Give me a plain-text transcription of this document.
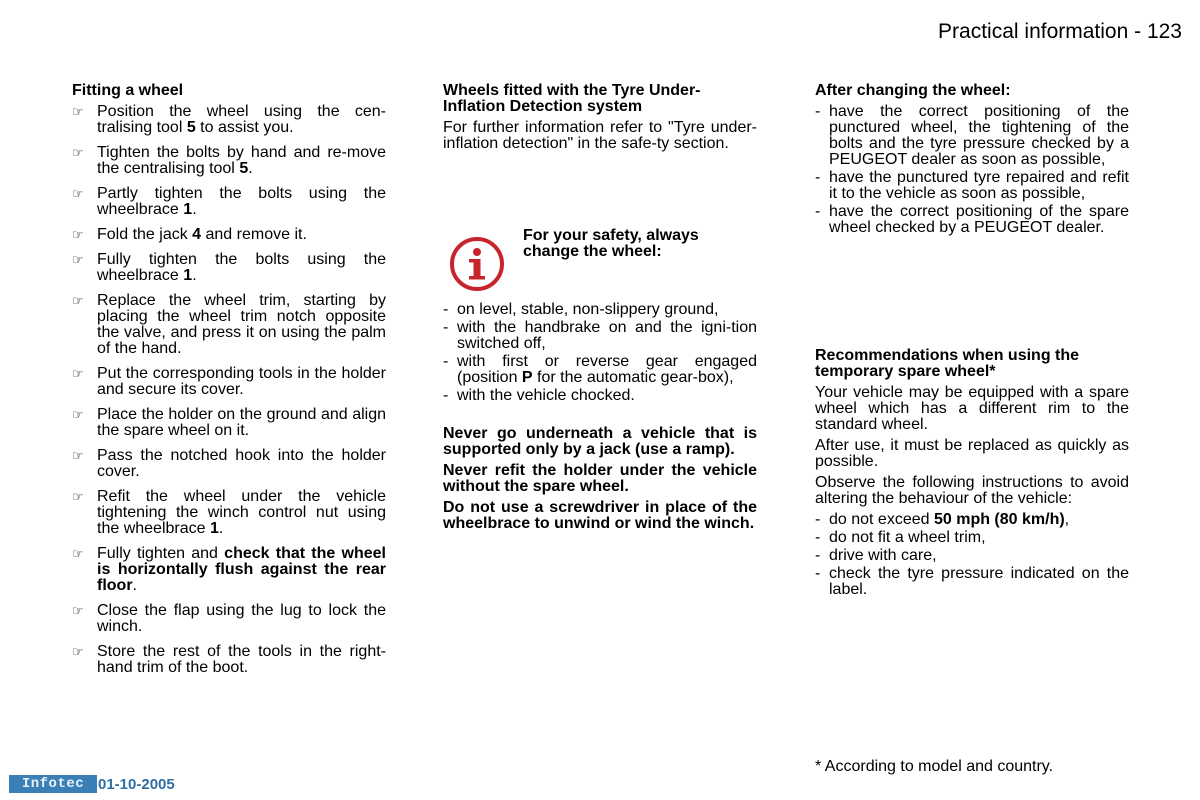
Practical information - 123
Fitting a wheel
☞ Position the wheel using the cen-tralising tool 5 to assist you.
☞ Tighten the bolts by hand and re-move the centralising tool 5.
☞ Partly tighten the bolts using the wheelbrace 1.
☞ Fold the jack 4 and remove it.
☞ Fully tighten the bolts using the wheelbrace 1.
☞ Replace the wheel trim, starting by placing the wheel trim notch opposite the valve, and press it on using the palm of the hand.
☞ Put the corresponding tools in the holder and secure its cover.
☞ Place the holder on the ground and align the spare wheel on it.
☞ Pass the notched hook into the holder cover.
☞ Refit the wheel under the vehicle tightening the winch control nut using the wheelbrace 1.
☞ Fully tighten and check that the wheel is horizontally flush against the rear floor.
☞ Close the flap using the lug to lock the winch.
☞ Store the rest of the tools in the right-hand trim of the boot.
Wheels fitted with the Tyre Under-Inflation Detection system
For further information refer to "Tyre under-inflation detection" in the safe-ty section.
For your safety, always change the wheel:
- on level, stable, non-slippery ground,
- with the handbrake on and the igni-tion switched off,
- with first or reverse gear engaged (position P for the automatic gear-box),
- with the vehicle chocked.
Never go underneath a vehicle that is supported only by a jack (use a ramp).
Never refit the holder under the vehicle without the spare wheel.
Do not use a screwdriver in place of the wheelbrace to unwind or wind the winch.
After changing the wheel:
- have the correct positioning of the punctured wheel, the tightening of the bolts and the tyre pressure checked by a PEUGEOT dealer as soon as possible,
- have the punctured tyre repaired and refit it to the vehicle as soon as possible,
- have the correct positioning of the spare wheel checked by a PEUGEOT dealer.
Recommendations when using the temporary spare wheel*
Your vehicle may be equipped with a spare wheel which has a different rim to the standard wheel.
After use, it must be replaced as quickly as possible.
Observe the following instructions to avoid altering the behaviour of the vehicle:
- do not exceed 50 mph (80 km/h),
- do not fit a wheel trim,
- drive with care,
- check the tyre pressure indicated on the label.
* According to model and country.
Infotec 01-10-2005
